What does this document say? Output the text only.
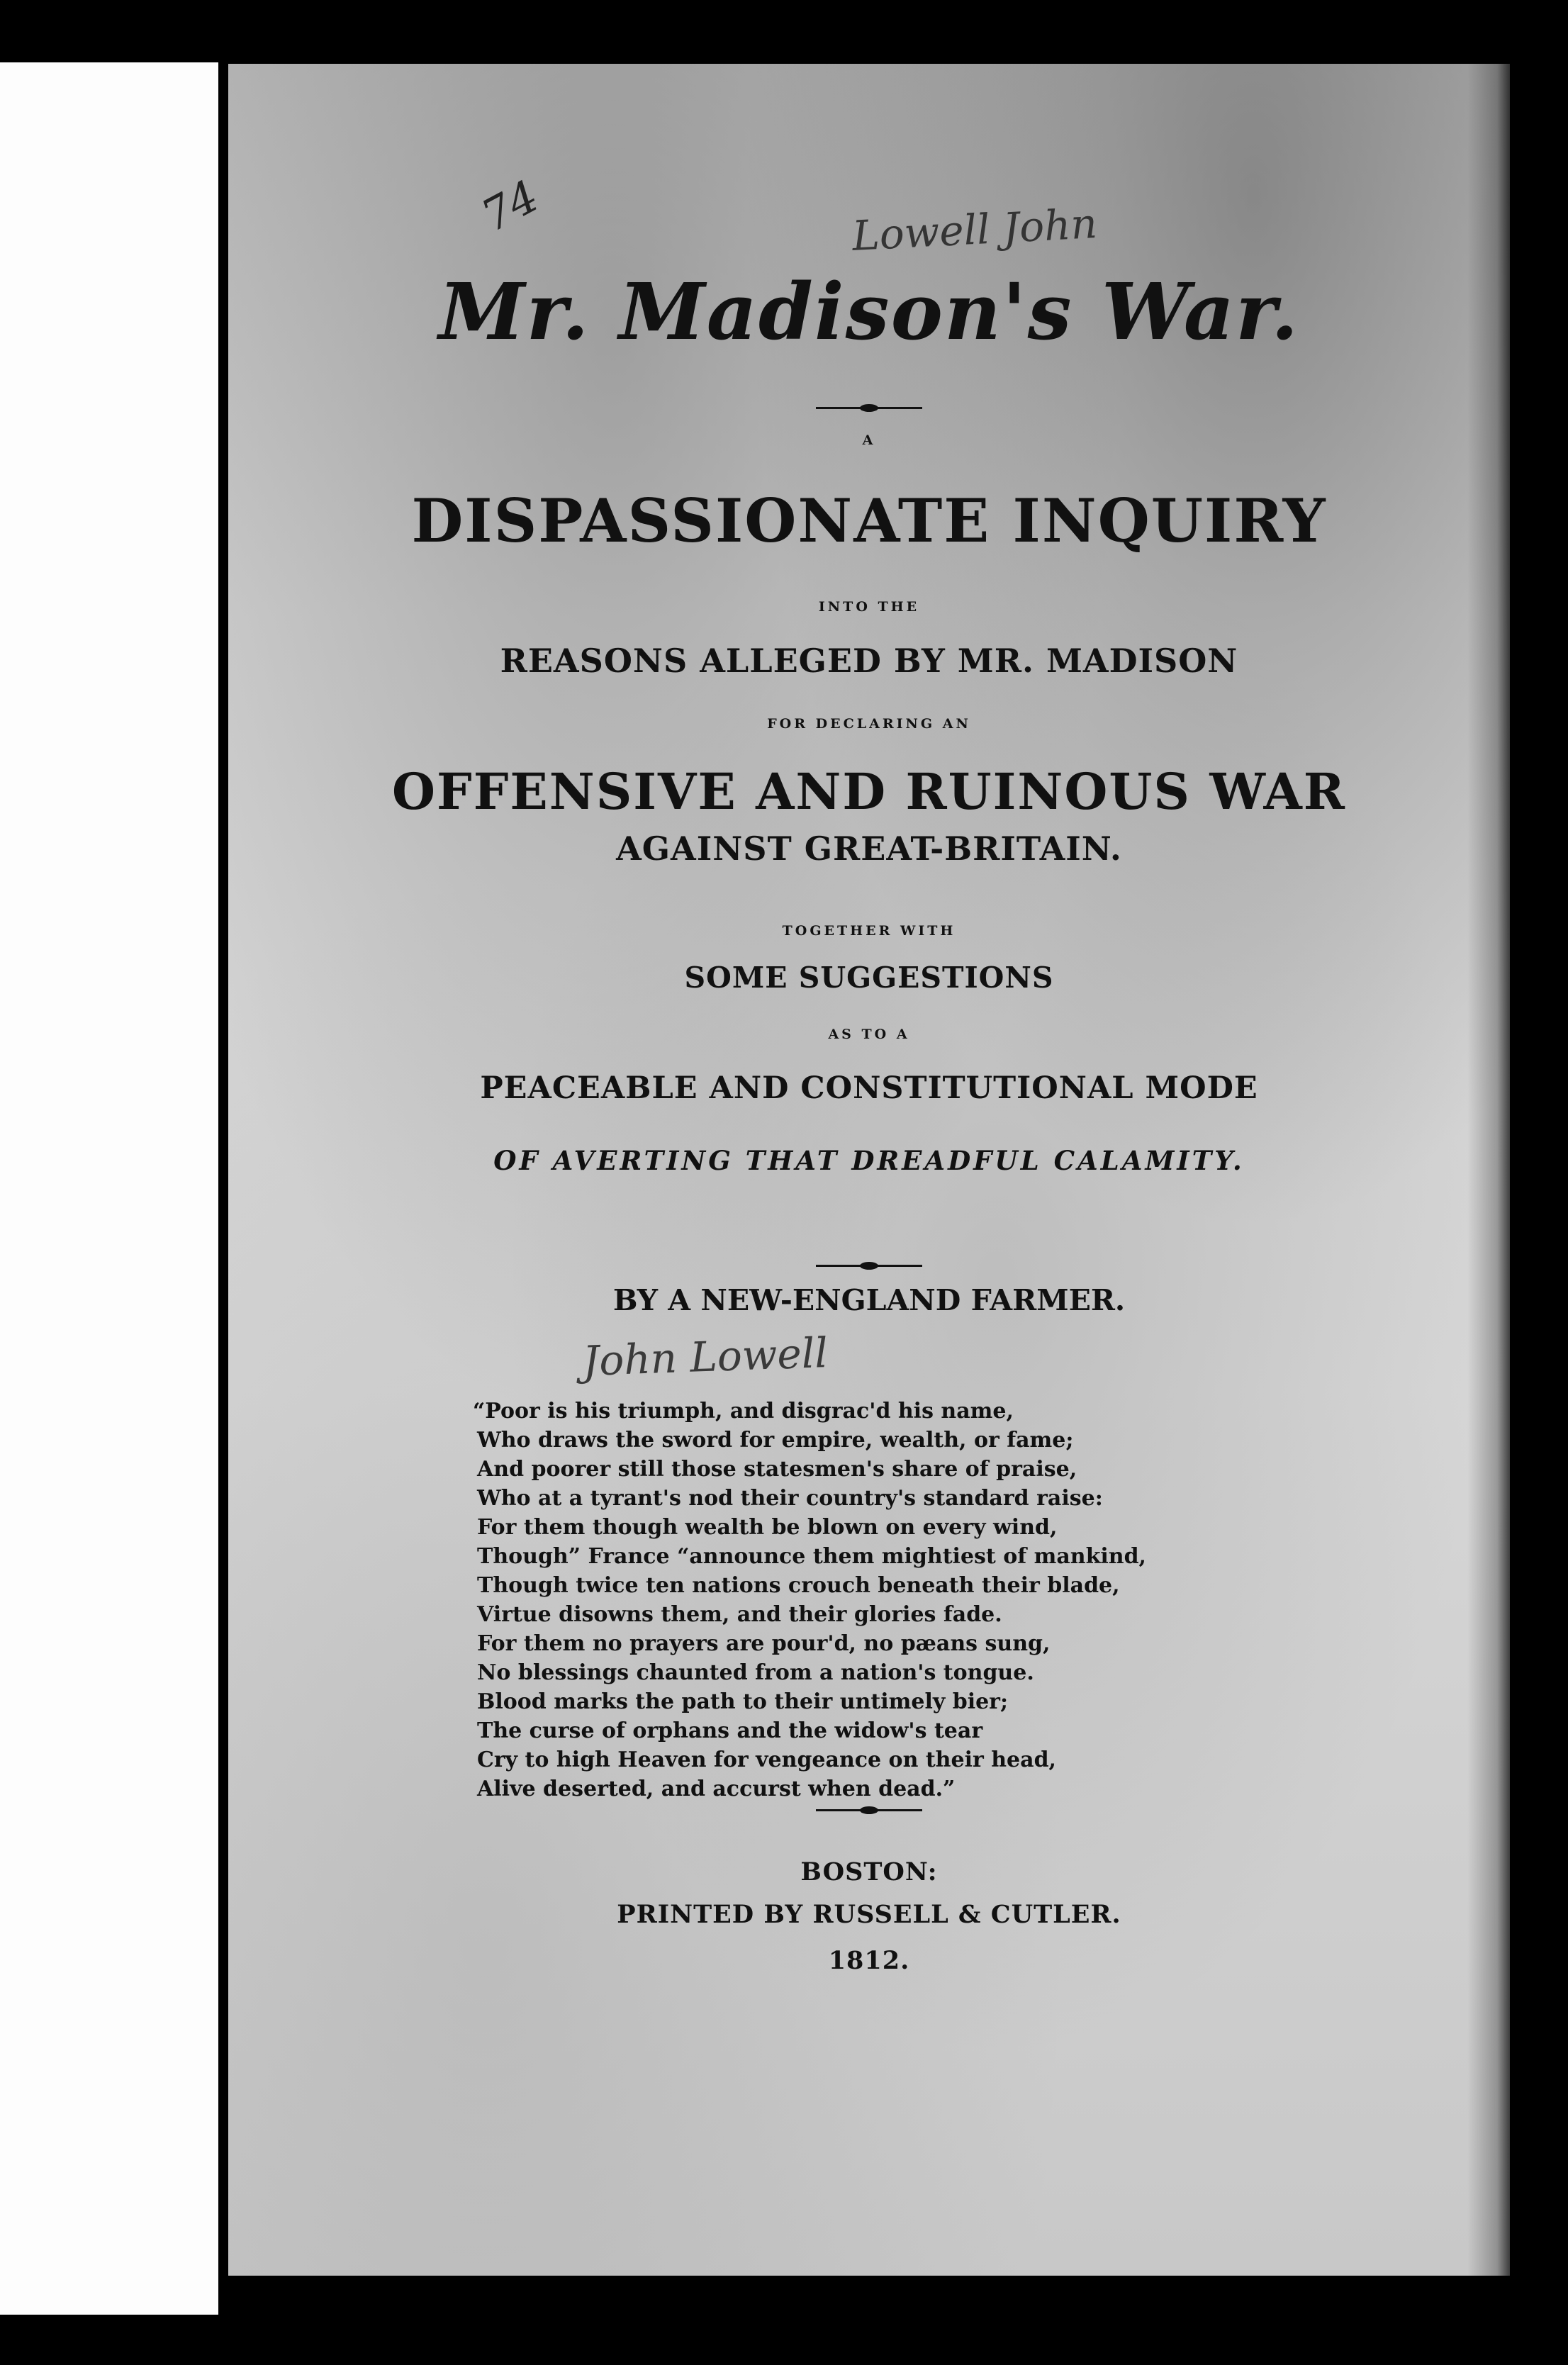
74	Lowell John
Mr. Madison's War.
A
DISPASSIONATE INQUIRY
INTO THE
REASONS ALLEGED BY MR. MADISON
FOR DECLARING AN
OFFENSIVE AND RUINOUS WAR
AGAINST GREAT-BRITAIN.
TOGETHER WITH
SOME SUGGESTIONS
AS TO A
PEACEABLE AND CONSTITUTIONAL MODE
OF AVERTING THAT DREADFUL CALAMITY.
BY A NEW-ENGLAND FARMER.
John Lowell
“Poor is his triumph, and disgrac'd his name,
Who draws the sword for empire, wealth, or fame;
And poorer still those statesmen's share of praise,
Who at a tyrant's nod their country's standard raise:
For them though wealth be blown on every wind,
Though” France “announce them mightiest of mankind,
Though twice ten nations crouch beneath their blade,
Virtue disowns them, and their glories fade.
For them no prayers are pour'd, no pæans sung,
No blessings chaunted from a nation's tongue.
Blood marks the path to their untimely bier;
The curse of orphans and the widow's tear
Cry to high Heaven for vengeance on their head,
Alive deserted, and accurst when dead.”
BOSTON:
PRINTED BY RUSSELL & CUTLER.
1812.
